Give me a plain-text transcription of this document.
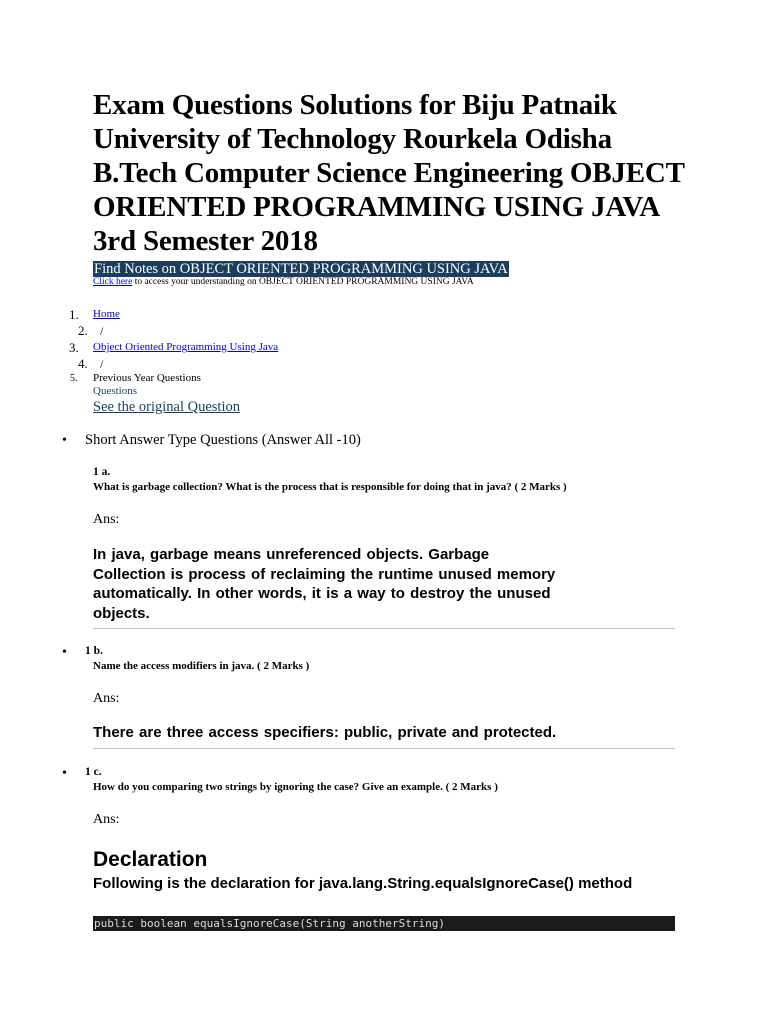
Exam Questions Solutions for Biju Patnaik University of Technology Rourkela Odisha B.Tech Computer Science Engineering OBJECT ORIENTED PROGRAMMING USING JAVA 3rd Semester 2018
Find Notes on OBJECT ORIENTED PROGRAMMING USING JAVA
Click here to access your understanding on OBJECT ORIENTED PROGRAMMING USING JAVA
1. Home
2. /
3. Object Oriented Programming Using Java
4. /
5. Previous Year Questions
Questions
See the original Question
• Short Answer Type Questions (Answer All -10)
1 a.
What is garbage collection? What is the process that is responsible for doing that in java? ( 2 Marks )
Ans:
In java, garbage means unreferenced objects. Garbage
Collection is process of reclaiming the runtime unused memory
automatically. In other words, it is a way to destroy the unused
objects.
• 1 b.
Name the access modifiers in java. ( 2 Marks )
Ans:
There are three access specifiers: public, private and protected.
• 1 c.
How do you comparing two strings by ignoring the case? Give an example. ( 2 Marks )
Ans:
Declaration
Following is the declaration for java.lang.String.equalsIgnoreCase() method
public boolean equalsIgnoreCase(String anotherString)
